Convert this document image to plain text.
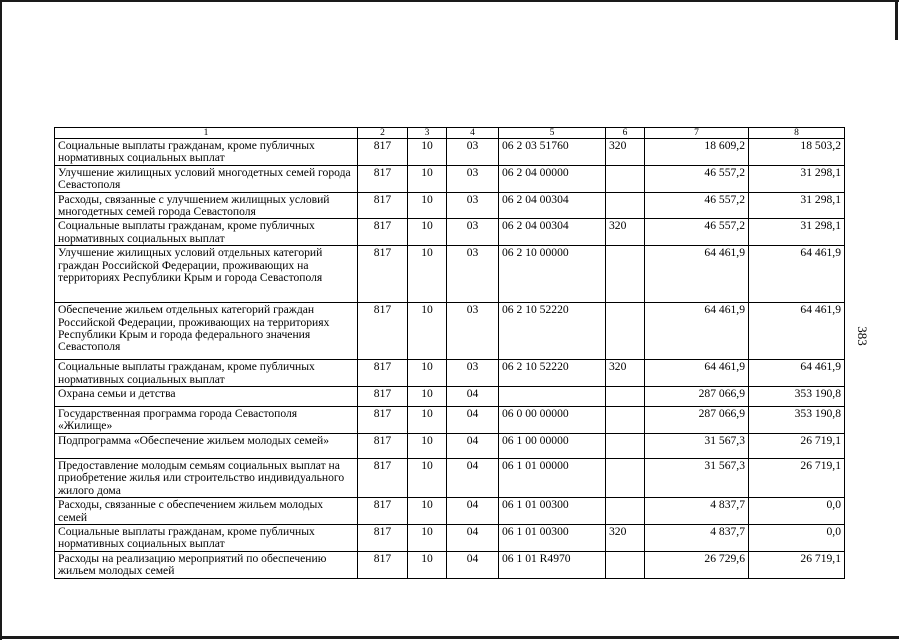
1	2	3	4	5	6	7	8
Социальные выплаты гражданам, кроме публичных нормативных социальных выплат	817	10	03	06 2 03 51760	320	18 609,2	18 503,2
Улучшение жилищных условий многодетных семей города Севастополя	817	10	03	06 2 04 00000		46 557,2	31 298,1
Расходы, связанные с улучшением жилищных условий многодетных семей города Севастополя	817	10	03	06 2 04 00304		46 557,2	31 298,1
Социальные выплаты гражданам, кроме публичных нормативных социальных выплат	817	10	03	06 2 04 00304	320	46 557,2	31 298,1
Улучшение жилищных условий отдельных категорий граждан Российской Федерации, проживающих на территориях Республики Крым и города Севастополя	817	10	03	06 2 10 00000		64 461,9	64 461,9
Обеспечение жильем отдельных категорий граждан Российской Федерации, проживающих на территориях Республики Крым и города федерального значения Севастополя	817	10	03	06 2 10 52220		64 461,9	64 461,9
Социальные выплаты гражданам, кроме публичных нормативных социальных выплат	817	10	03	06 2 10 52220	320	64 461,9	64 461,9
Охрана семьи и детства	817	10	04			287 066,9	353 190,8
Государственная программа города Севастополя «Жилище»	817	10	04	06 0 00 00000		287 066,9	353 190,8
Подпрограмма «Обеспечение жильем молодых семей»	817	10	04	06 1 00 00000		31 567,3	26 719,1
Предоставление молодым семьям социальных выплат на приобретение жилья или строительство индивидуального жилого дома	817	10	04	06 1 01 00000		31 567,3	26 719,1
Расходы, связанные с обеспечением жильем молодых семей	817	10	04	06 1 01 00300		4 837,7	0,0
Социальные выплаты гражданам, кроме публичных нормативных социальных выплат	817	10	04	06 1 01 00300	320	4 837,7	0,0
Расходы на реализацию мероприятий по обеспечению жильем молодых семей	817	10	04	06 1 01 R4970		26 729,6	26 719,1
383
